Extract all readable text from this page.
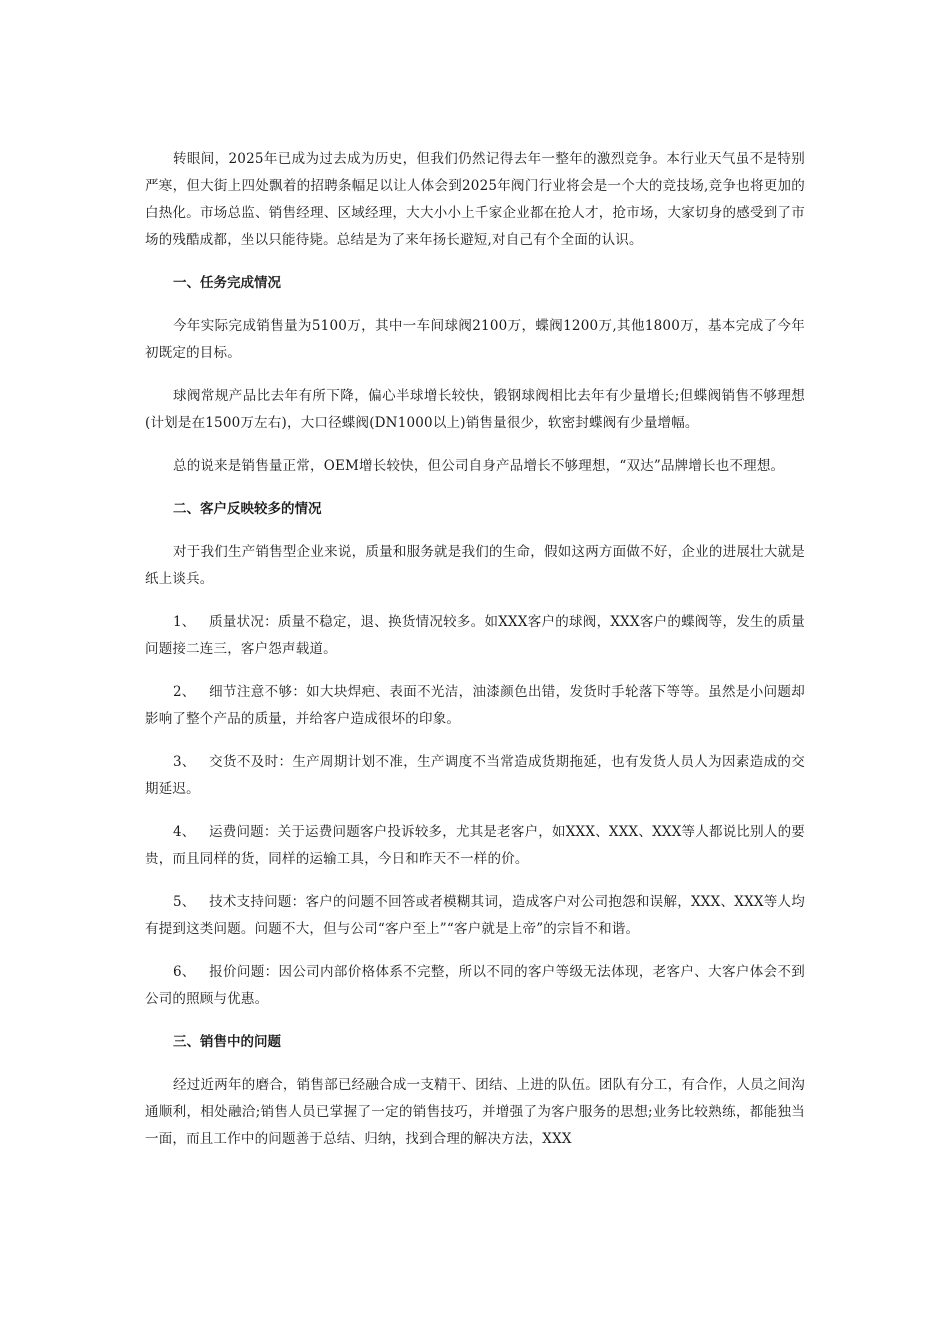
转眼间，2025年已成为过去成为历史，但我们仍然记得去年一整年的激烈竞争。本行业天气虽不是特别严寒，但大街上四处飘着的招聘条幅足以让人体会到2025年阀门行业将会是一个大的竞技场,竞争也将更加的白热化。市场总监、销售经理、区域经理，大大小小上千家企业都在抢人才，抢市场，大家切身的感受到了市场的残酷成都，坐以只能待毙。总结是为了来年扬长避短,对自己有个全面的认识。

一、任务完成情况

今年实际完成销售量为5100万，其中一车间球阀2100万，蝶阀1200万,其他1800万，基本完成了今年初既定的目标。

球阀常规产品比去年有所下降，偏心半球增长较快，锻钢球阀相比去年有少量增长;但蝶阀销售不够理想(计划是在1500万左右)，大口径蝶阀(DN1000以上)销售量很少，软密封蝶阀有少量增幅。

总的说来是销售量正常，OEM增长较快，但公司自身产品增长不够理想，“双达”品牌增长也不理想。

二、客户反映较多的情况

对于我们生产销售型企业来说，质量和服务就是我们的生命，假如这两方面做不好，企业的进展壮大就是纸上谈兵。

1、 质量状况：质量不稳定，退、换货情况较多。如XXX客户的球阀，XXX客户的蝶阀等，发生的质量问题接二连三，客户怨声载道。

2、 细节注意不够：如大块焊疤、表面不光洁，油漆颜色出错，发货时手轮落下等等。虽然是小问题却影响了整个产品的质量，并给客户造成很坏的印象。

3、 交货不及时：生产周期计划不准，生产调度不当常造成货期拖延，也有发货人员人为因素造成的交期延迟。

4、 运费问题：关于运费问题客户投诉较多，尤其是老客户，如XXX、XXX、XXX等人都说比别人的要贵，而且同样的货，同样的运输工具，今日和昨天不一样的价。

5、 技术支持问题：客户的问题不回答或者模糊其词，造成客户对公司抱怨和误解，XXX、XXX等人均有提到这类问题。问题不大，但与公司“客户至上”“客户就是上帝”的宗旨不和谐。

6、 报价问题：因公司内部价格体系不完整，所以不同的客户等级无法体现，老客户、大客户体会不到公司的照顾与优惠。

三、销售中的问题

经过近两年的磨合，销售部已经融合成一支精干、团结、上进的队伍。团队有分工，有合作，人员之间沟通顺利，相处融洽;销售人员已掌握了一定的销售技巧，并增强了为客户服务的思想;业务比较熟练，都能独当一面，而且工作中的问题善于总结、归纳，找到合理的解决方法，XXX
